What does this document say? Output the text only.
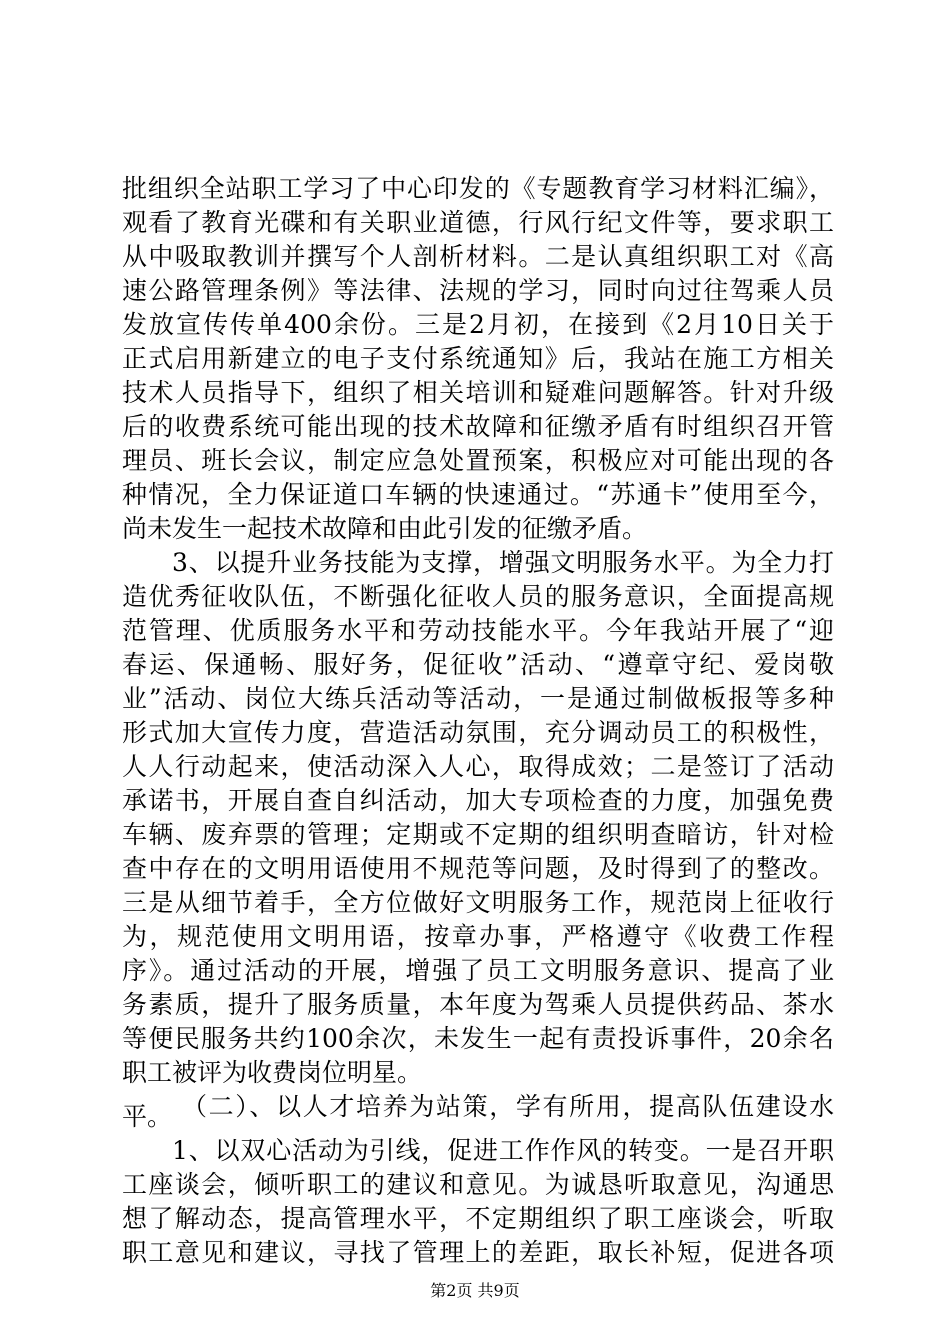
批组织全站职工学习了中心印发的《专题教育学习材料汇编》，
观看了教育光碟和有关职业道德，行风行纪文件等，要求职工
从中吸取教训并撰写个人剖析材料。二是认真组织职工对《高
速公路管理条例》等法律、法规的学习，同时向过往驾乘人员
发放宣传传单400余份。三是2月初，在接到《2月10日关于
正式启用新建立的电子支付系统通知》后，我站在施工方相关
技术人员指导下，组织了相关培训和疑难问题解答。针对升级
后的收费系统可能出现的技术故障和征缴矛盾有时组织召开管
理员、班长会议，制定应急处置预案，积极应对可能出现的各
种情况，全力保证道口车辆的快速通过。“苏通卡”使用至今，
尚未发生一起技术故障和由此引发的征缴矛盾。
3、以提升业务技能为支撑，增强文明服务水平。为全力打
造优秀征收队伍，不断强化征收人员的服务意识，全面提高规
范管理、优质服务水平和劳动技能水平。今年我站开展了“迎
春运、保通畅、服好务，促征收”活动、“遵章守纪、爱岗敬
业”活动、岗位大练兵活动等活动，一是通过制做板报等多种
形式加大宣传力度，营造活动氛围，充分调动员工的积极性，
人人行动起来，使活动深入人心，取得成效；二是签订了活动
承诺书，开展自查自纠活动，加大专项检查的力度，加强免费
车辆、废弃票的管理；定期或不定期的组织明查暗访，针对检
查中存在的文明用语使用不规范等问题，及时得到了的整改。
三是从细节着手，全方位做好文明服务工作，规范岗上征收行
为，规范使用文明用语，按章办事，严格遵守《收费工作程
序》。通过活动的开展，增强了员工文明服务意识、提高了业
务素质，提升了服务质量，本年度为驾乘人员提供药品、茶水
等便民服务共约100余次，未发生一起有责投诉事件，20余名
职工被评为收费岗位明星。
（二）、以人才培养为站策，学有所用，提高队伍建设水
平。
1、以双心活动为引线，促进工作作风的转变。一是召开职
工座谈会，倾听职工的建议和意见。为诚恳听取意见，沟通思
想了解动态，提高管理水平，不定期组织了职工座谈会，听取
职工意见和建议，寻找了管理上的差距，取长补短，促进各项
第2页 共9页
